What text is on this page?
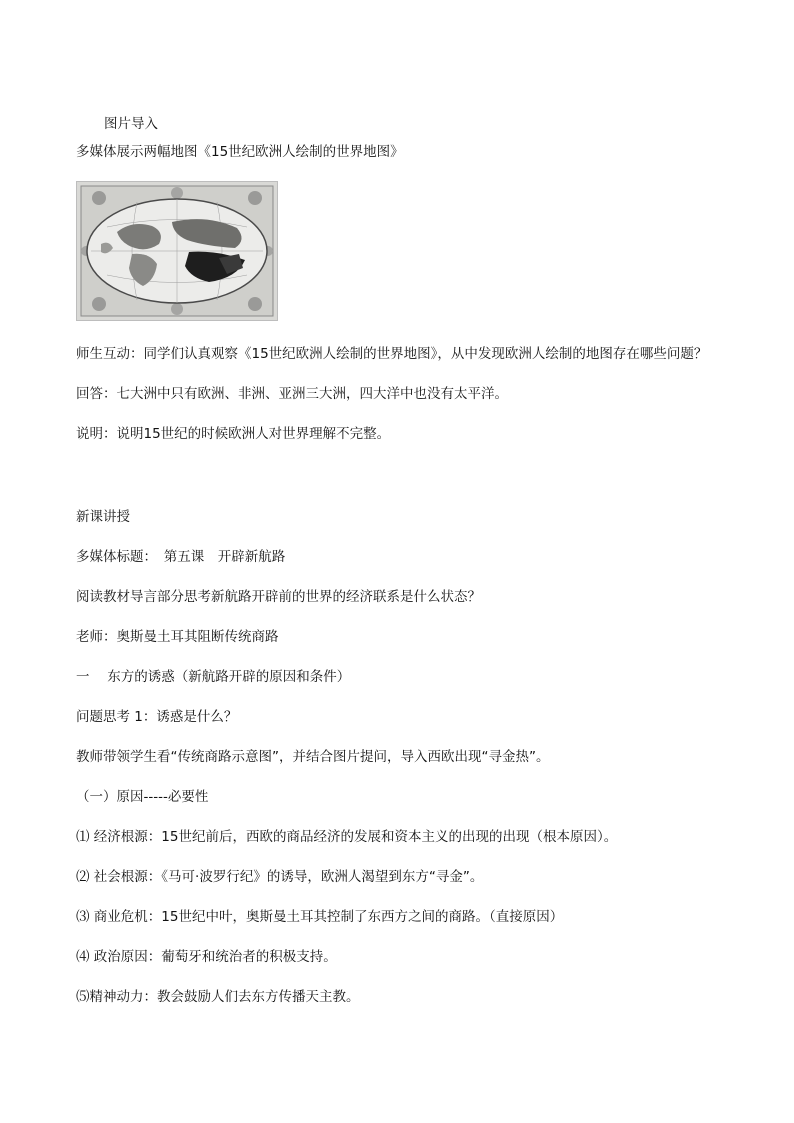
图片导入
多媒体展示两幅地图《15世纪欧洲人绘制的世界地图》
师生互动：同学们认真观察《15世纪欧洲人绘制的世界地图》，从中发现欧洲人绘制的地图存在哪些问题？
回答：七大洲中只有欧洲、非洲、亚洲三大洲，四大洋中也没有太平洋。
说明：说明15世纪的时候欧洲人对世界理解不完整。
新课讲授
多媒体标题：　第五课　开辟新航路
阅读教材导言部分思考新航路开辟前的世界的经济联系是什么状态？
老师：奥斯曼土耳其阻断传统商路
一　 东方的诱惑（新航路开辟的原因和条件）
问题思考 1：诱惑是什么？
教师带领学生看“传统商路示意图”，并结合图片提问，导入西欧出现“寻金热”。
（一）原因-----必要性
⑴ 经济根源：15世纪前后，西欧的商品经济的发展和资本主义的出现的出现（根本原因）。
⑵ 社会根源：《马可·波罗行纪》的诱导，欧洲人渴望到东方“寻金”。
⑶ 商业危机：15世纪中叶，奥斯曼土耳其控制了东西方之间的商路。（直接原因）
⑷ 政治原因：葡萄牙和统治者的积极支持。
⑸精神动力：教会鼓励人们去东方传播天主教。
